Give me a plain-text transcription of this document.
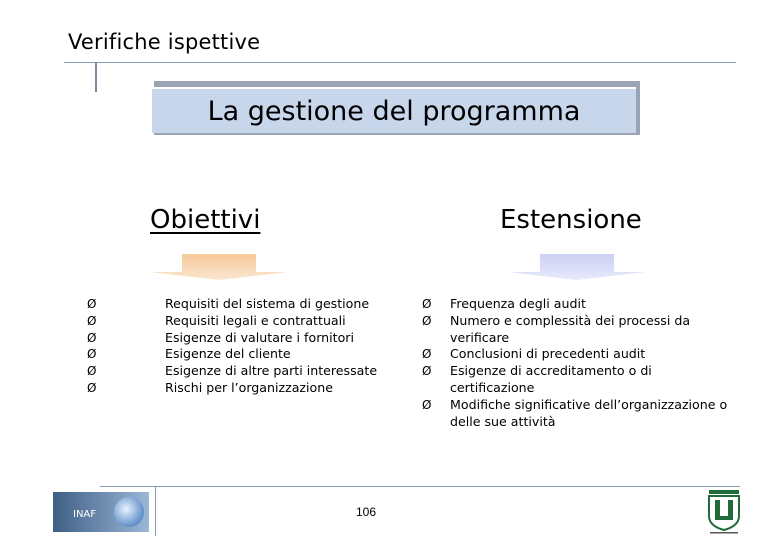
Verifiche ispettive
La gestione del programma
Obiettivi	Estensione
Ø	Requisiti del sistema di gestione
Ø	Requisiti legali e contrattuali
Ø	Esigenze di valutare i fornitori
Ø	Esigenze del cliente
Ø	Esigenze di altre parti interessate
Ø	Rischi per l’organizzazione
Ø Frequenza degli audit
Ø Numero e complessità dei processi da verificare
Ø Conclusioni di precedenti audit
Ø Esigenze di accreditamento o di certificazione
Ø Modifiche significative dell’organizzazione o delle sue attività
106
INAF
